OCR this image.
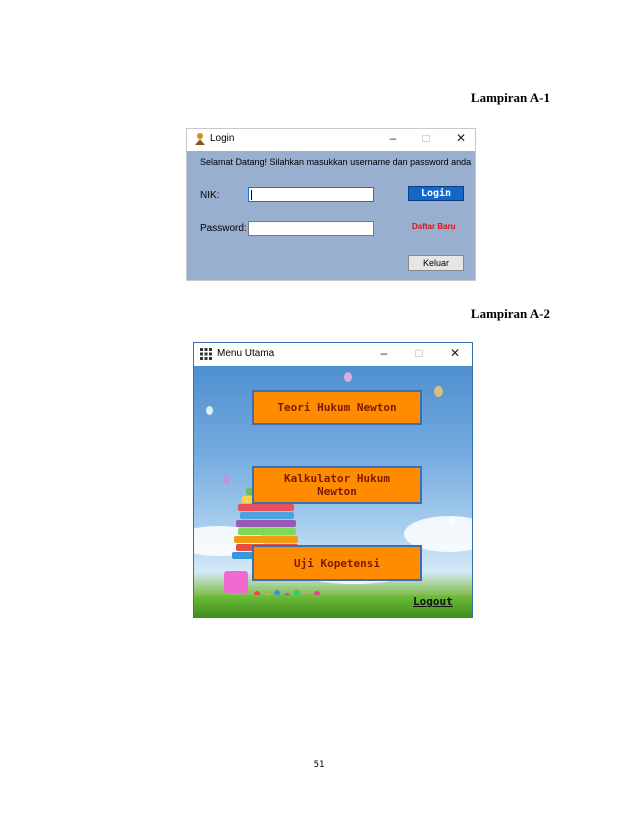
Lampiran A-1
Login	–	□	✕
Selamat Datang! Silahkan masukkan username dan password anda
NIK:
Password:
Login
Daftar Baru
Keluar
Lampiran A-2
Menu Utama	–	□	✕
Teori Hukum Newton
Kalkulator Hukum
Newton
Uji Kopetensi
Logout
51
